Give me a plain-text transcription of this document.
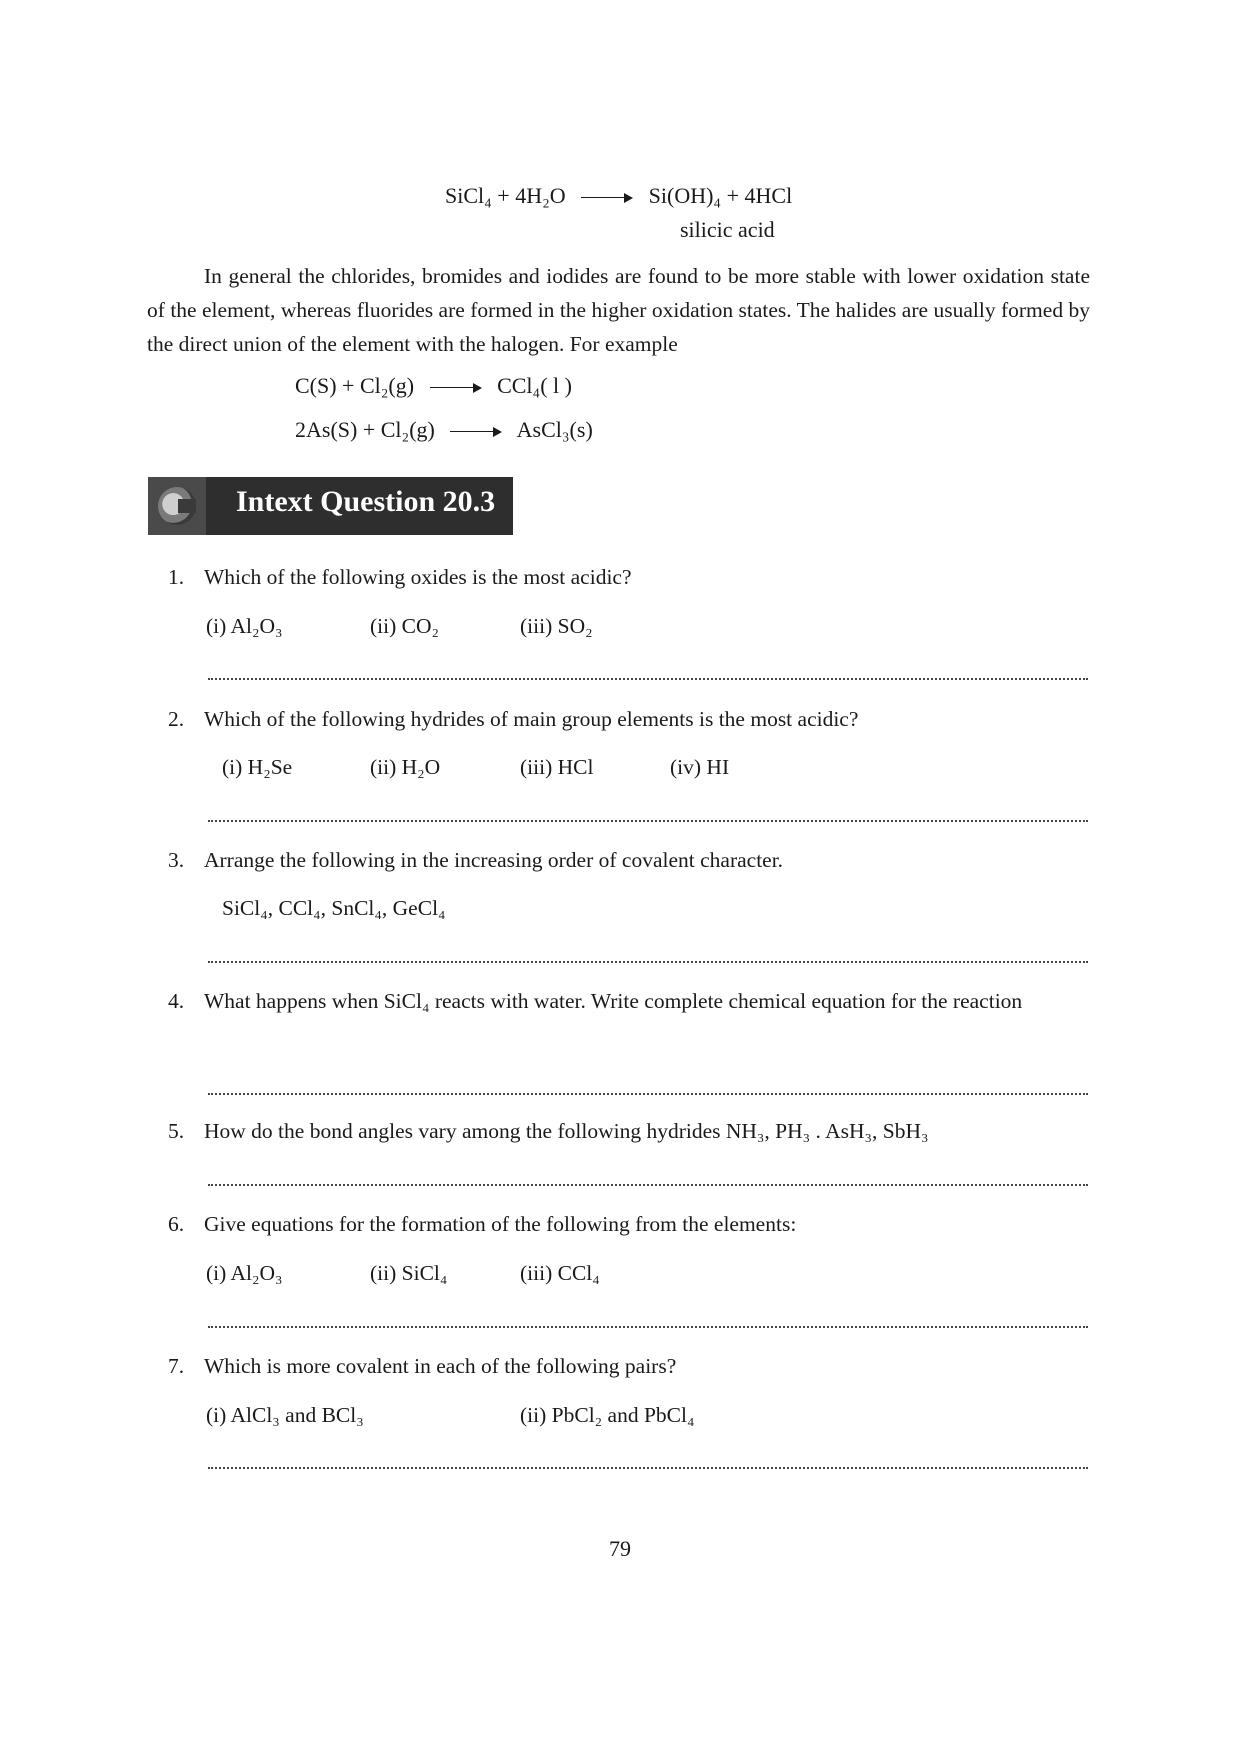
SiCl₄ + 4H₂O	Si(OH)₄ + 4HCl
silicic acid
In general the chlorides, bromides and iodides are found to be more stable with lower oxidation state of the element, whereas fluorides are formed in the higher oxidation states. The halides are usually formed by the direct union of the element with the halogen. For example
C(S) + Cl₂(g)	CCl₄( l )
2As(S) + Cl₂(g)	AsCl₃(s)
Intext Question 20.3
1. Which of the following oxides is the most acidic?
(i) Al₂O₃	(ii) CO₂	(iii) SO₂
2. Which of the following hydrides of main group elements is the most acidic?
(i) H₂Se	(ii) H₂O	(iii) HCl	(iv) HI
3. Arrange the following in the increasing order of covalent character.
SiCl₄, CCl₄, SnCl₄, GeCl₄
4. What happens when SiCl₄ reacts with water. Write complete chemical equation for the reaction
5. How do the bond angles vary among the following hydrides NH₃, PH₃ . AsH₃, SbH₃
6. Give equations for the formation of the following from the elements:
(i) Al₂O₃	(ii) SiCl₄	(iii) CCl₄
7. Which is more covalent in each of the following pairs?
(i) AlCl₃ and BCl₃	(ii) PbCl₂ and PbCl₄
79
